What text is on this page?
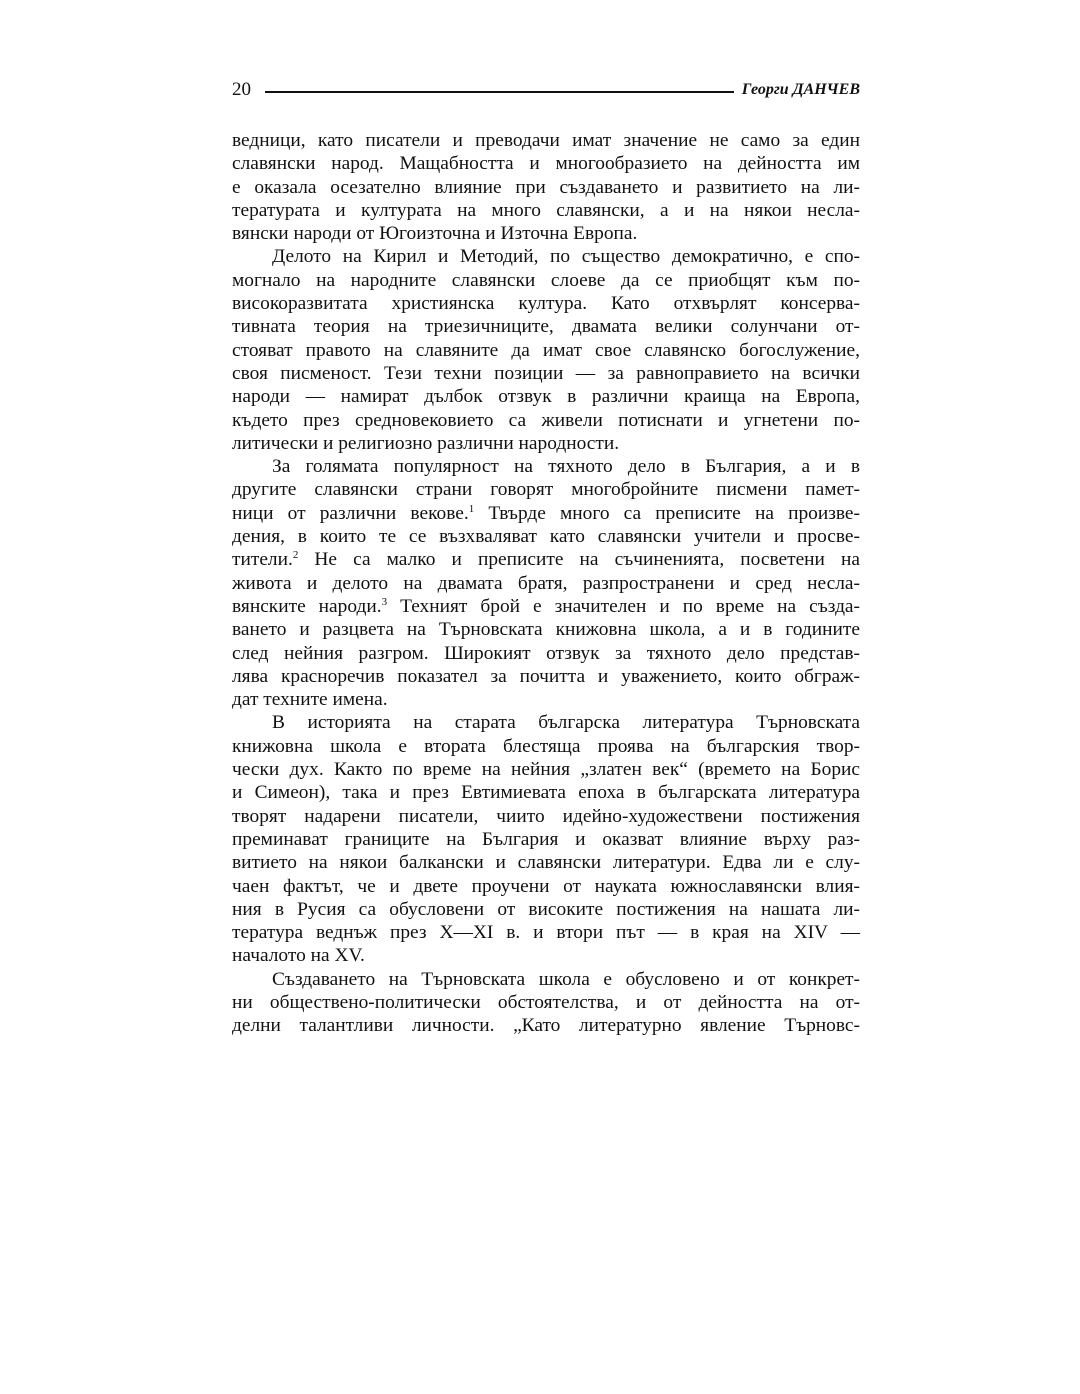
20	Георги ДАНЧЕВ
ведници, като писатели и преводачи имат значение не само за един
славянски народ. Мащабността и многообразието на дейността им
е оказала осезателно влияние при създаването и развитието на ли-
тературата и културата на много славянски, а и на някои несла-
вянски народи от Югоизточна и Източна Европа.
Делото на Кирил и Методий, по същество демократично, е спо-
могнало на народните славянски слоеве да се приобщят към по-
високоразвитата християнска култура. Като отхвърлят консерва-
тивната теория на триезичниците, двамата велики солунчани от-
стояват правото на славяните да имат свое славянско богослужение,
своя писменост. Тези техни позиции — за равноправието на всички
народи — намират дълбок отзвук в различни краища на Европа,
където през средновековието са живели потиснати и угнетени по-
литически и религиозно различни народности.
За голямата популярност на тяхното дело в България, а и в
другите славянски страни говорят многобройните писмени памет-
ници от различни векове.$^1$ Твърде много са преписите на произве-
дения, в които те се възхваляват като славянски учители и просве-
тители.$^2$ Не са малко и преписите на съчиненията, посветени на
живота и делото на двамата братя, разпространени и сред несла-
вянските народи.$^3$ Техният брой е значителен и по време на създа-
ването и разцвета на Търновската книжовна школа, а и в годините
след нейния разгром. Широкият отзвук за тяхното дело представ-
лява красноречив показател за почитта и уважението, които обграж-
дат техните имена.
В историята на старата българска литература Търновската
книжовна школа е втората блестяща проява на българския твор-
чески дух. Както по време на нейния „златен век“ (времето на Борис
и Симеон), така и през Евтимиевата епоха в българската литература
творят надарени писатели, чиито идейно-художествени постижения
преминават границите на България и оказват влияние върху раз-
витието на някои балкански и славянски литератури. Едва ли е слу-
чаен фактът, че и двете проучени от науката южнославянски влия-
ния в Русия са обусловени от високите постижения на нашата ли-
тература веднъж през X—XI в. и втори път — в края на XIV —
началото на XV.
Създаването на Търновската школа е обусловено и от конкрет-
ни обществено-политически обстоятелства, и от дейността на от-
делни талантливи личности. „Като литературно явление Търновс-
